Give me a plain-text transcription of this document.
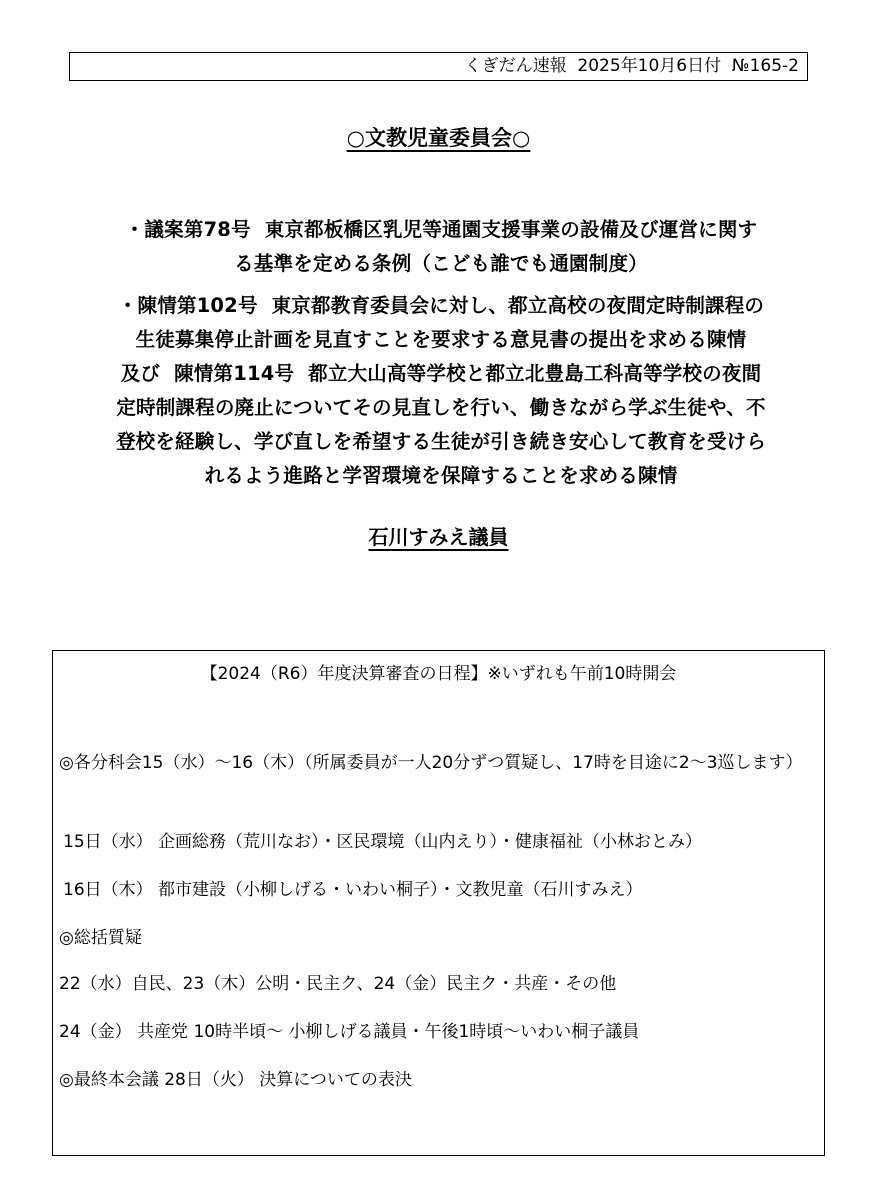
くぎだん速報  2025年10月6日付  №165-2
○文教児童委員会○
・議案第78号  東京都板橋区乳児等通園支援事業の設備及び運営に関す
る基準を定める条例（こども誰でも通園制度）
・陳情第102号  東京都教育委員会に対し、都立高校の夜間定時制課程の
生徒募集停止計画を見直すことを要求する意見書の提出を求める陳情
及び  陳情第114号  都立大山高等学校と都立北豊島工科高等学校の夜間
定時制課程の廃止についてその見直しを行い、働きながら学ぶ生徒や、不
登校を経験し、学び直しを希望する生徒が引き続き安心して教育を受けら
れるよう進路と学習環境を保障することを求める陳情
石川すみえ議員
【2024（R6）年度決算審査の日程】※いずれも午前10時開会
◎各分科会15（水）～16（木）（所属委員が一人20分ずつ質疑し、17時を目途に2～3巡します）
15日（水） 企画総務（荒川なお）・区民環境（山内えり）・健康福祉（小林おとみ）
16日（木） 都市建設（小柳しげる・いわい桐子）・文教児童（石川すみえ）
◎総括質疑
22（水）自民、23（木）公明・民主ク、24（金）民主ク・共産・その他
24（金） 共産党 10時半頃～ 小柳しげる議員・午後1時頃～いわい桐子議員
◎最終本会議 28日（火） 決算についての表決
